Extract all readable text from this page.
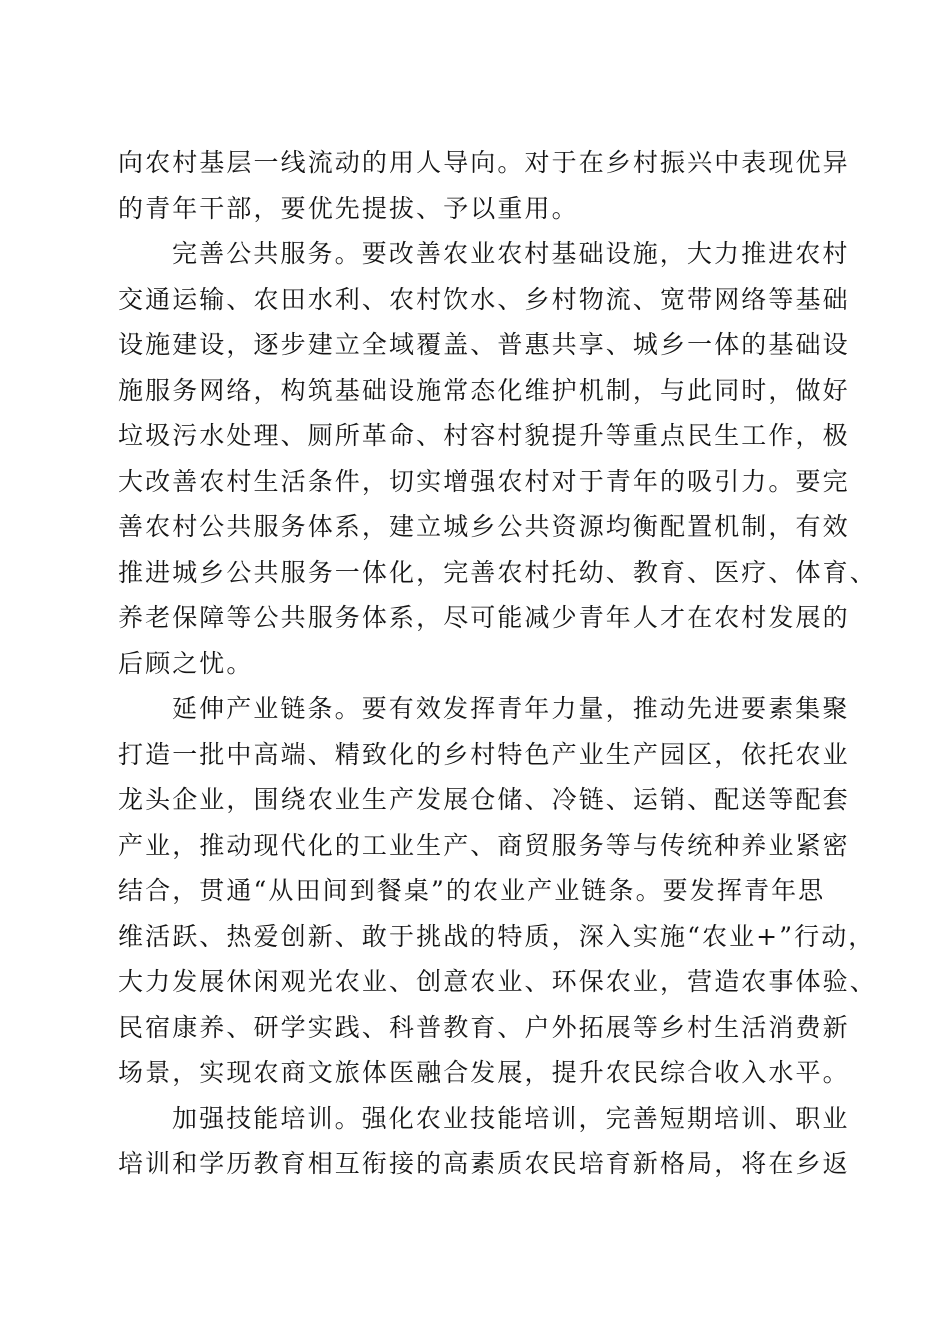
向农村基层一线流动的用人导向。对于在乡村振兴中表现优异
的青年干部，要优先提拔、予以重用。
完善公共服务。要改善农业农村基础设施，大力推进农村
交通运输、农田水利、农村饮水、乡村物流、宽带网络等基础
设施建设，逐步建立全域覆盖、普惠共享、城乡一体的基础设
施服务网络，构筑基础设施常态化维护机制，与此同时，做好
垃圾污水处理、厕所革命、村容村貌提升等重点民生工作，极
大改善农村生活条件，切实增强农村对于青年的吸引力。要完
善农村公共服务体系，建立城乡公共资源均衡配置机制，有效
推进城乡公共服务一体化，完善农村托幼、教育、医疗、体育、
养老保障等公共服务体系，尽可能减少青年人才在农村发展的
后顾之忧。
延伸产业链条。要有效发挥青年力量，推动先进要素集聚
打造一批中高端、精致化的乡村特色产业生产园区，依托农业
龙头企业，围绕农业生产发展仓储、冷链、运销、配送等配套
产业，推动现代化的工业生产、商贸服务等与传统种养业紧密
结合，贯通“从田间到餐桌”的农业产业链条。要发挥青年思
维活跃、热爱创新、敢于挑战的特质，深入实施“农业+”行动，
大力发展休闲观光农业、创意农业、环保农业，营造农事体验、
民宿康养、研学实践、科普教育、户外拓展等乡村生活消费新
场景，实现农商文旅体医融合发展，提升农民综合收入水平。
加强技能培训。强化农业技能培训，完善短期培训、职业
培训和学历教育相互衔接的高素质农民培育新格局，将在乡返
